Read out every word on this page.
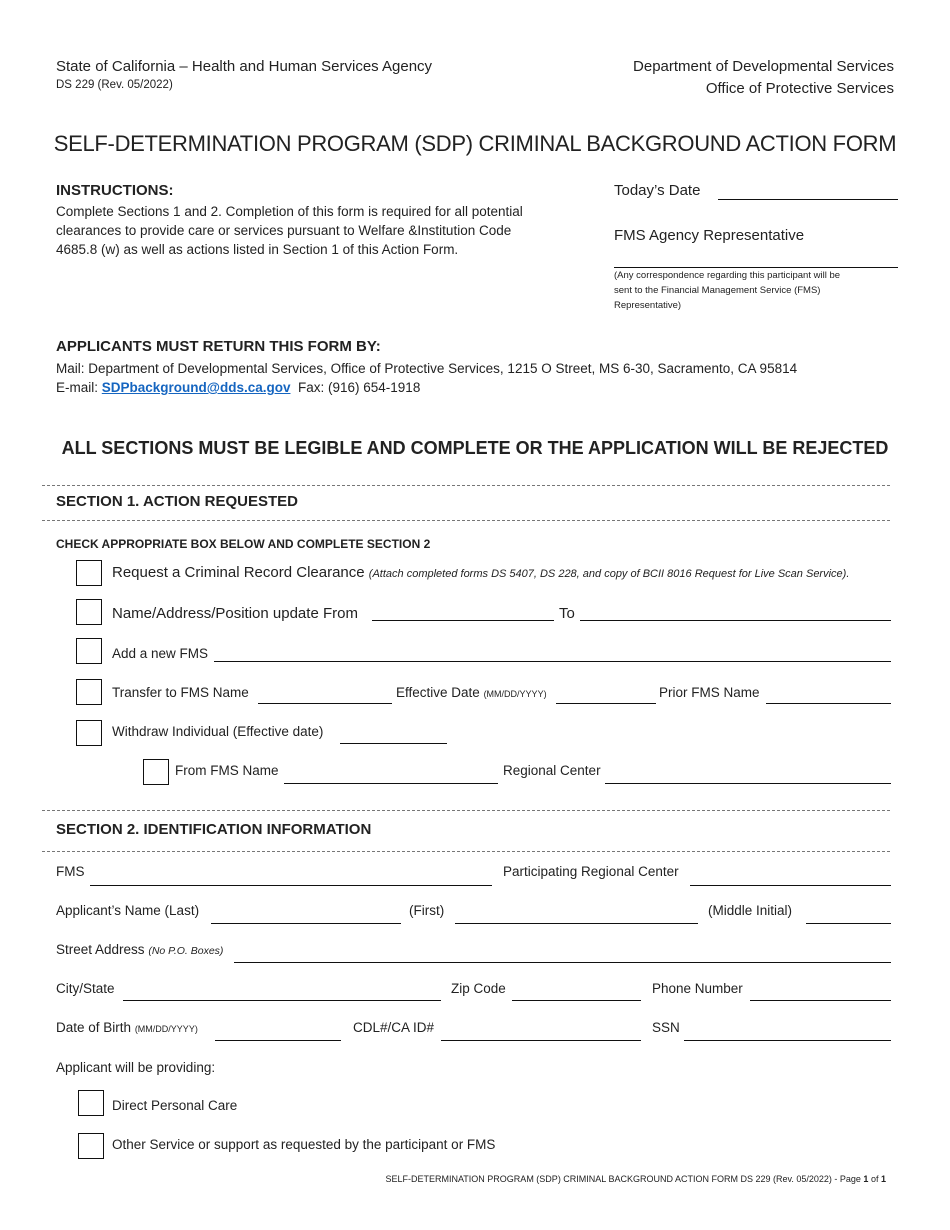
State of California – Health and Human Services Agency
DS 229 (Rev. 05/2022)
Department of Developmental Services
Office of Protective Services
SELF-DETERMINATION PROGRAM (SDP) CRIMINAL BACKGROUND ACTION FORM
INSTRUCTIONS:
Complete Sections 1 and 2. Completion of this form is required for all potential
clearances to provide care or services pursuant to Welfare &Institution Code
4685.8 (w) as well as actions listed in Section 1 of this Action Form.
Today’s Date
FMS Agency Representative
(Any correspondence regarding this participant will be
sent to the Financial Management Service (FMS)
Representative)
APPLICANTS MUST RETURN THIS FORM BY:
Mail: Department of Developmental Services, Office of Protective Services, 1215 O Street, MS 6-30, Sacramento, CA 95814
E-mail: SDPbackground@dds.ca.gov Fax: (916) 654-1918
ALL SECTIONS MUST BE LEGIBLE AND COMPLETE OR THE APPLICATION WILL BE REJECTED
SECTION 1. ACTION REQUESTED
CHECK APPROPRIATE BOX BELOW AND COMPLETE SECTION 2
Request a Criminal Record Clearance (Attach completed forms DS 5407, DS 228, and copy of BCII 8016 Request for Live Scan Service).
Name/Address/Position update From	To
Add a new FMS
Transfer to FMS Name	Effective Date (MM/DD/YYYY)	Prior FMS Name
Withdraw Individual (Effective date)
From FMS Name	Regional Center
SECTION 2. IDENTIFICATION INFORMATION
FMS	Participating Regional Center
Applicant’s Name (Last)	(First)	(Middle Initial)
Street Address (No P.O. Boxes)
City/State	Zip Code	Phone Number
Date of Birth (MM/DD/YYYY)	CDL#/CA ID#	SSN
Applicant will be providing:
Direct Personal Care
Other Service or support as requested by the participant or FMS
SELF-DETERMINATION PROGRAM (SDP) CRIMINAL BACKGROUND ACTION FORM DS 229 (Rev. 05/2022) - Page 1 of 1
